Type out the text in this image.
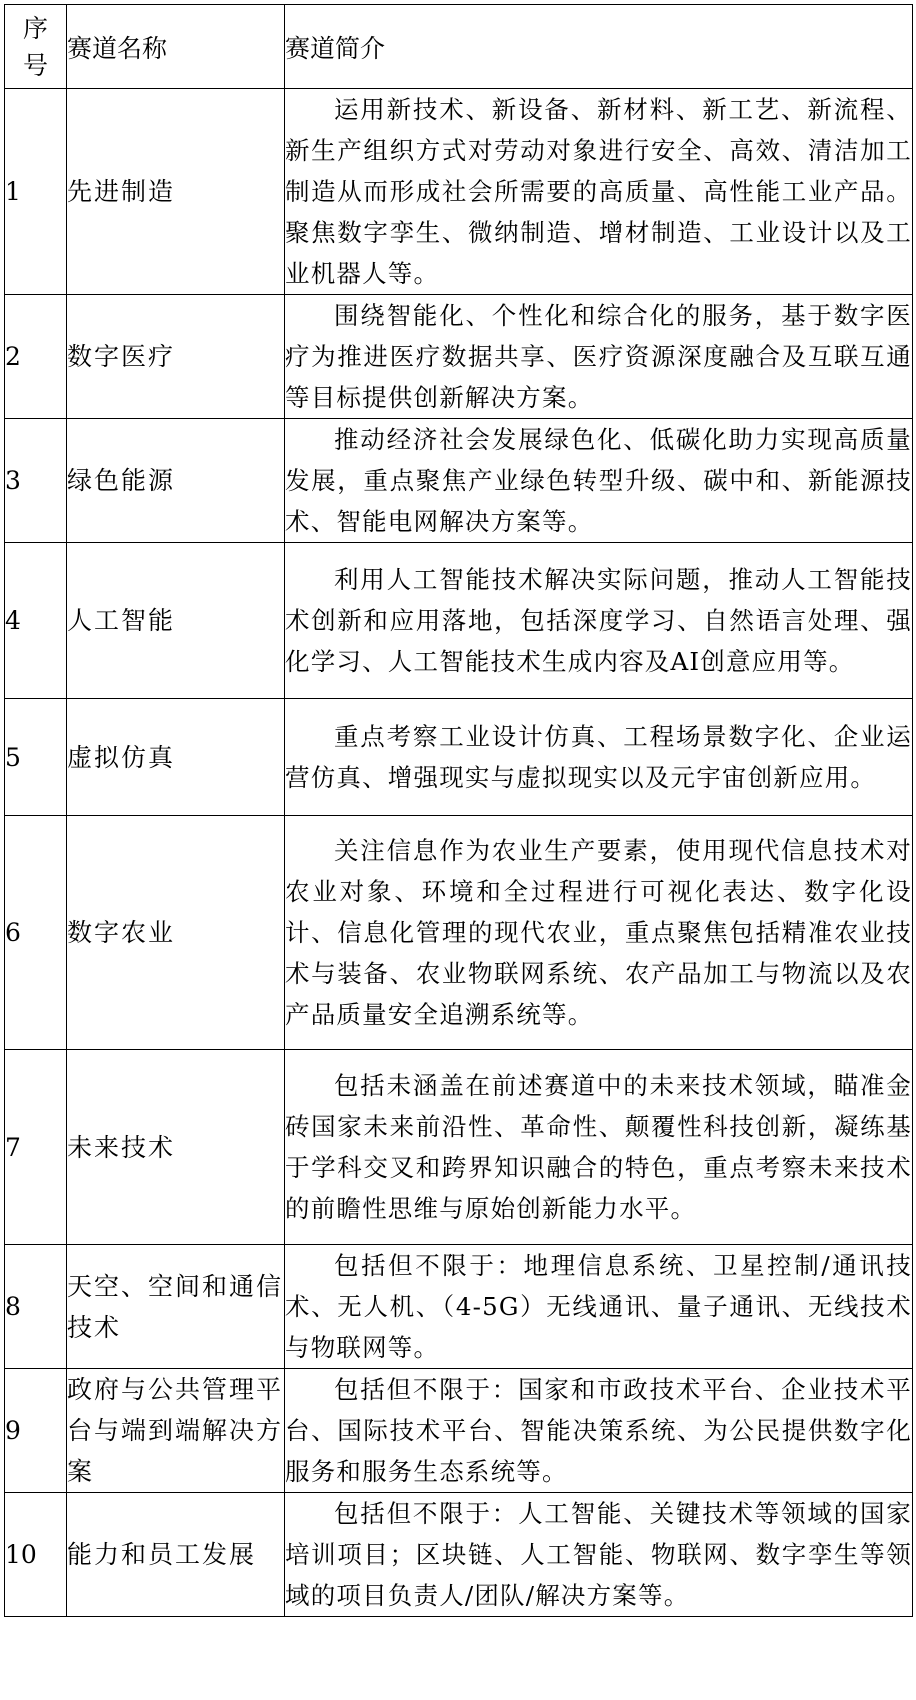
序号	赛道名称	赛道简介
1	先进制造	运用新技术、新设备、新材料、新工艺、新流程、新生产组织方式对劳动对象进行安全、高效、清洁加工制造从而形成社会所需要的高质量、高性能工业产品。聚焦数字孪生、微纳制造、增材制造、工业设计以及工业机器人等。

2	数字医疗	围绕智能化、个性化和综合化的服务，基于数字医疗为推进医疗数据共享、医疗资源深度融合及互联互通等目标提供创新解决方案。

3	绿色能源	推动经济社会发展绿色化、低碳化助力实现高质量发展，重点聚焦产业绿色转型升级、碳中和、新能源技术、智能电网解决方案等。

4	人工智能	利用人工智能技术解决实际问题，推动人工智能技术创新和应用落地，包括深度学习、自然语言处理、强化学习、人工智能技术生成内容及AI创意应用等。

5	虚拟仿真	重点考察工业设计仿真、工程场景数字化、企业运营仿真、增强现实与虚拟现实以及元宇宙创新应用。

6	数字农业	关注信息作为农业生产要素，使用现代信息技术对农业对象、环境和全过程进行可视化表达、数字化设计、信息化管理的现代农业，重点聚焦包括精准农业技术与装备、农业物联网系统、农产品加工与物流以及农产品质量安全追溯系统等。

7	未来技术	包括未涵盖在前述赛道中的未来技术领域，瞄准金砖国家未来前沿性、革命性、颠覆性科技创新，凝练基于学科交叉和跨界知识融合的特色，重点考察未来技术的前瞻性思维与原始创新能力水平。

8	天空、空间和通信技术	包括但不限于：地理信息系统、卫星控制/通讯技术、无人机、（4-5G）无线通讯、量子通讯、无线技术与物联网等。

9	政府与公共管理平台与端到端解决方案	包括但不限于：国家和市政技术平台、企业技术平台、国际技术平台、智能决策系统、为公民提供数字化服务和服务生态系统等。

10	能力和员工发展	包括但不限于：人工智能、关键技术等领域的国家培训项目；区块链、人工智能、物联网、数字孪生等领域的项目负责人/团队/解决方案等。
